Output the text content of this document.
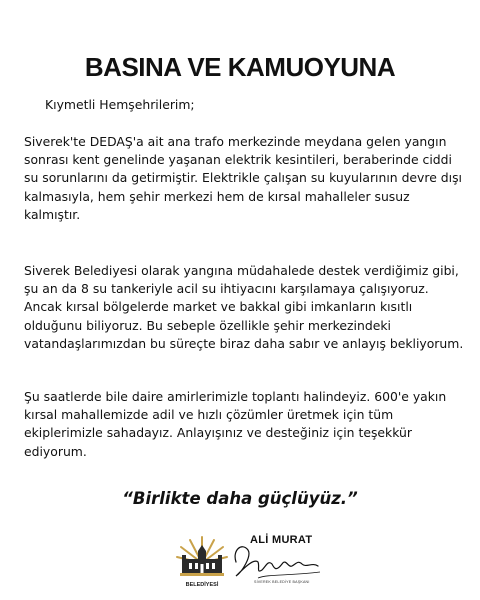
BASINA VE KAMUOYUNA
Kıymetli Hemşehrilerim;

Siverek'te DEDAŞ'a ait ana trafo merkezinde meydana gelen yangın sonrası kent genelinde yaşanan elektrik kesintileri, beraberinde ciddi su sorunlarını da getirmiştir. Elektrikle çalışan su kuyularının devre dışı kalmasıyla, hem şehir merkezi hem de kırsal mahalleler susuz kalmıştır.

Siverek Belediyesi olarak yangına müdahalede destek verdiğimiz gibi, şu an da 8 su tankeriyle acil su ihtiyacını karşılamaya çalışıyoruz. Ancak kırsal bölgelerde market ve bakkal gibi imkanların kısıtlı olduğunu biliyoruz. Bu sebeple özellikle şehir merkezindeki vatandaşlarımızdan bu süreçte biraz daha sabır ve anlayış bekliyorum.

Şu saatlerde bile daire amirlerimizle toplantı halindeyiz. 600'e yakın kırsal mahallemizde adil ve hızlı çözümler üretmek için tüm ekiplerimizle sahadayız. Anlayışınız ve desteğiniz için teşekkür ediyorum.

“Birlikte daha güçlüyüz.”
BELEDİYESİ
ALİ MURAT
SİVEREK BELEDİYE BAŞKANI
